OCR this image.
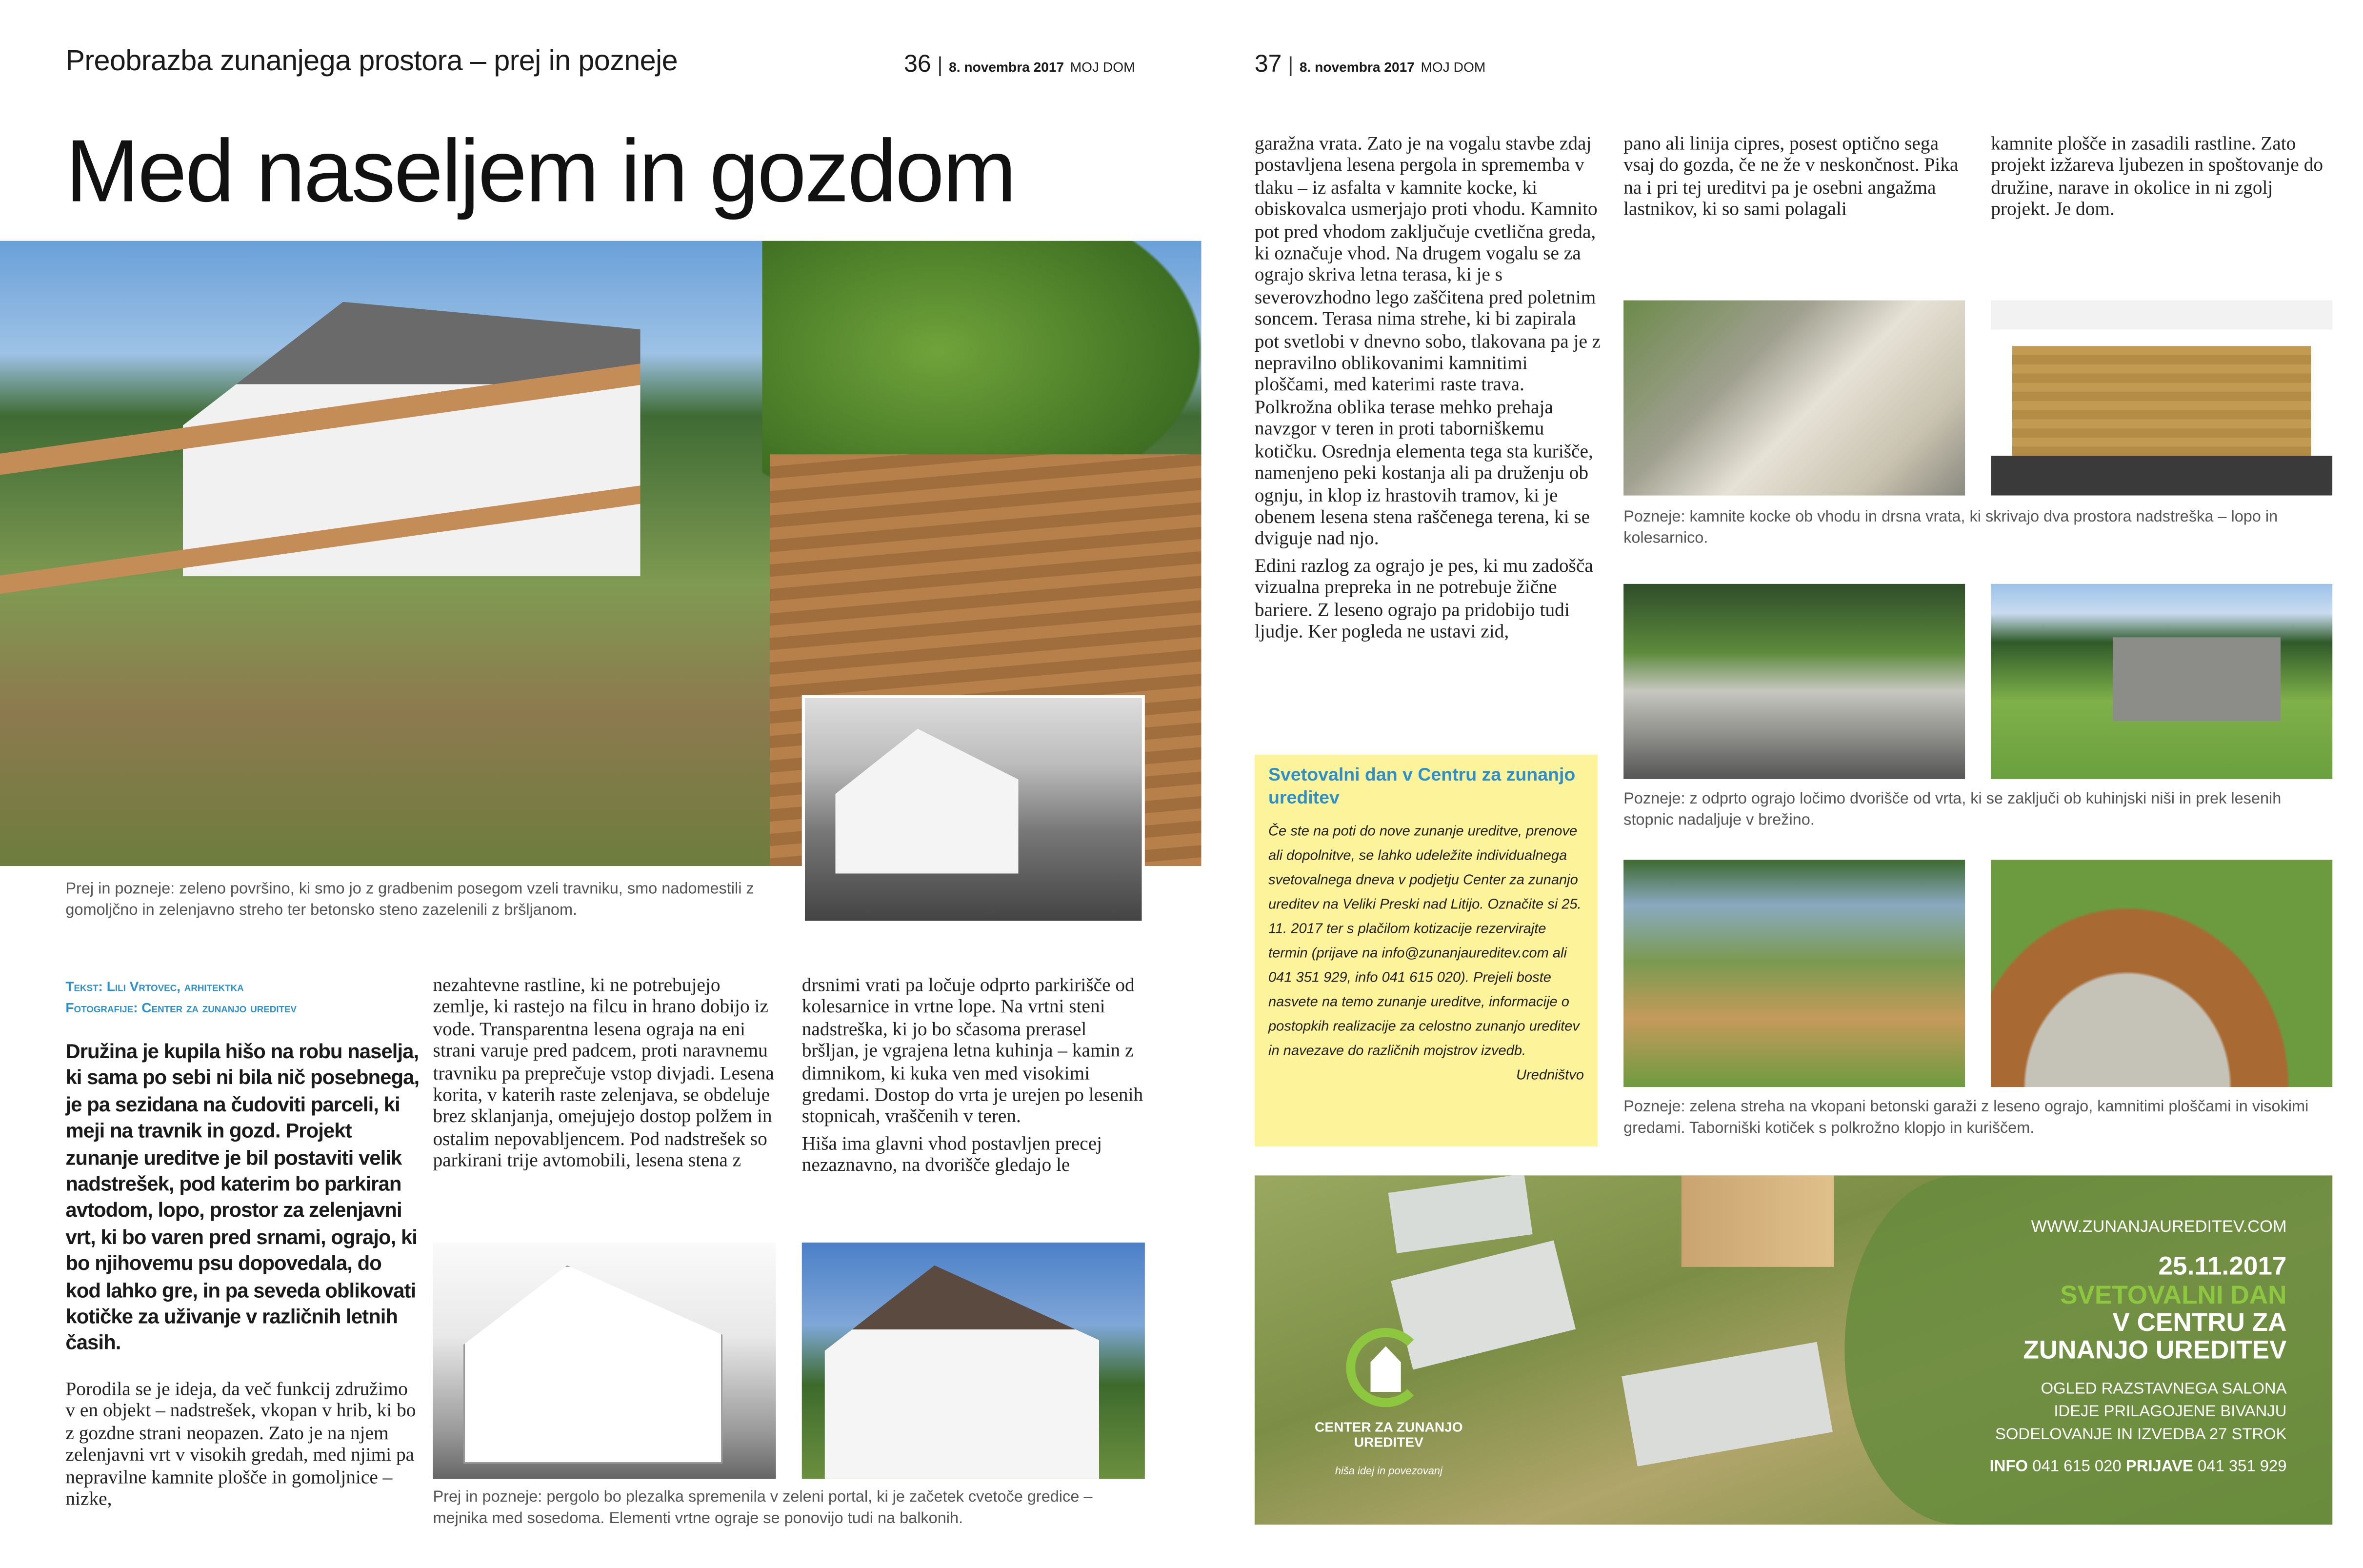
Preobrazba zunanjega prostora – prej in pozneje	36 | 8. novembra 2017 MOJ DOM	37 | 8. novembra 2017 MOJ DOM
Med naseljem in gozdom
Prej in pozneje: zeleno površino, ki smo jo z gradbenim posegom vzeli travniku, smo nadomestili z gomoljčno in zelenjavno streho ter betonsko steno zazelenili z bršljanom.
Tekst: Lili Vrtovec, arhitektka
Fotografije: Center za zunanjo ureditev
Družina je kupila hišo na robu naselja, ki sama po sebi ni bila nič posebnega, je pa sezidana na čudoviti parceli, ki meji na travnik in gozd. Projekt zunanje ureditve je bil postaviti velik nadstrešek, pod katerim bo parkiran avtodom, lopo, prostor za zelenjavni vrt, ki bo varen pred srnami, ograjo, ki bo njihovemu psu dopovedala, do kod lahko gre, in pa seveda oblikovati kotičke za uživanje v različnih letnih časih.
Porodila se je ideja, da več funkcij združimo v en objekt – nadstrešek, vkopan v hrib, ki bo z gozdne strani neopazen. Zato je na njem zelenjavni vrt v visokih gredah, med njimi pa nepravilne kamnite plošče in gomoljnice – nizke,
nezahtevne rastline, ki ne potrebujejo zemlje, ki rastejo na filcu in hrano dobijo iz vode. Transparentna lesena ograja na eni strani varuje pred padcem, proti naravnemu travniku pa preprečuje vstop divjadi. Lesena korita, v katerih raste zelenjava, se obdeluje brez sklanjanja, omejujejo dostop polžem in ostalim nepovabljencem. Pod nadstrešek so parkirani trije avtomobili, lesena stena z

drsnimi vrati pa ločuje odprto parkirišče od kolesarnice in vrtne lope. Na vrtni steni nadstreška, ki jo bo sčasoma prerasel bršljan, je vgrajena letna kuhinja – kamin z dimnikom, ki kuka ven med visokimi gredami. Dostop do vrta je urejen po lesenih stopnicah, vraščenih v teren.

Hiša ima glavni vhod postavljen precej nezaznavno, na dvorišče gledajo le

Prej in pozneje: pergolo bo plezalka spremenila v zeleni portal, ki je začetek cvetoče gredice – mejnika med sosedoma. Elementi vrtne ograje se ponovijo tudi na balkonih.

garažna vrata. Zato je na vogalu stavbe zdaj postavljena lesena pergola in sprememba v tlaku – iz asfalta v kamnite kocke, ki obiskovalca usmerjajo proti vhodu. Kamnito pot pred vhodom zaključuje cvetlična greda, ki označuje vhod. Na drugem vogalu se za ograjo skriva letna terasa, ki je s severovzhodno lego zaščitena pred poletnim soncem. Terasa nima strehe, ki bi zapirala pot svetlobi v dnevno sobo, tlakovana pa je z nepravilno oblikovanimi kamnitimi ploščami, med katerimi raste trava. Polkrožna oblika terase mehko prehaja navzgor v teren in proti taborniškemu kotičku. Osrednja elementa tega sta kurišče, namenjeno peki kostanja ali pa druženju ob ognju, in klop iz hrastovih tramov, ki je obenem lesena stena raščenega terena, ki se dviguje nad njo.

Edini razlog za ograjo je pes, ki mu zadošča vizualna prepreka in ne potrebuje žične bariere. Z leseno ograjo pa pridobijo tudi ljudje. Ker pogleda ne ustavi zid,

pano ali linija cipres, posest optično sega vsaj do gozda, če ne že v neskončnost. Pika na i pri tej ureditvi pa je osebni angažma lastnikov, ki so sami polagali
kamnite plošče in zasadili rastline. Zato projekt izžareva ljubezen in spoštovanje do družine, narave in okolice in ni zgolj projekt. Je dom.
Pozneje: kamnite kocke ob vhodu in drsna vrata, ki skrivajo dva prostora nadstreška – lopo in kolesarnico.
Pozneje: z odprto ograjo ločimo dvorišče od vrta, ki se zaključi ob kuhinjski niši in prek lesenih stopnic nadaljuje v brežino.
Pozneje: zelena streha na vkopani betonski garaži z leseno ograjo, kamnitimi ploščami in visokimi gredami. Taborniški kotiček s polkrožno klopjo in kuriščem.
Svetovalni dan v Centru za zunanjo ureditev

Če ste na poti do nove zunanje ureditve, prenove ali dopolnitve, se lahko udeležite individualnega svetovalnega dneva v podjetju Center za zunanjo ureditev na Veliki Preski nad Litijo. Označite si 25. 11. 2017 ter s plačilom kotizacije rezervirajte termin (prijave na info@zunanjaureditev.com ali 041 351 929, info 041 615 020). Prejeli boste nasvete na temo zunanje ureditve, informacije o postopkih realizacije za celostno zunanjo ureditev in navezave do različnih mojstrov izvedb.

Uredništvo

CENTER ZA ZUNANJO UREDITEV
hiša idej in povezovanj
WWW.ZUNANJAUREDITEV.COM
25.11.2017
SVETOVALNI DAN
V CENTRU ZA
ZUNANJO UREDITEV
OGLED RAZSTAVNEGA SALONA
IDEJE PRILAGOJENE BIVANJU
SODELOVANJE IN IZVEDBA 27 STROK
INFO 041 615 020 PRIJAVE 041 351 929
